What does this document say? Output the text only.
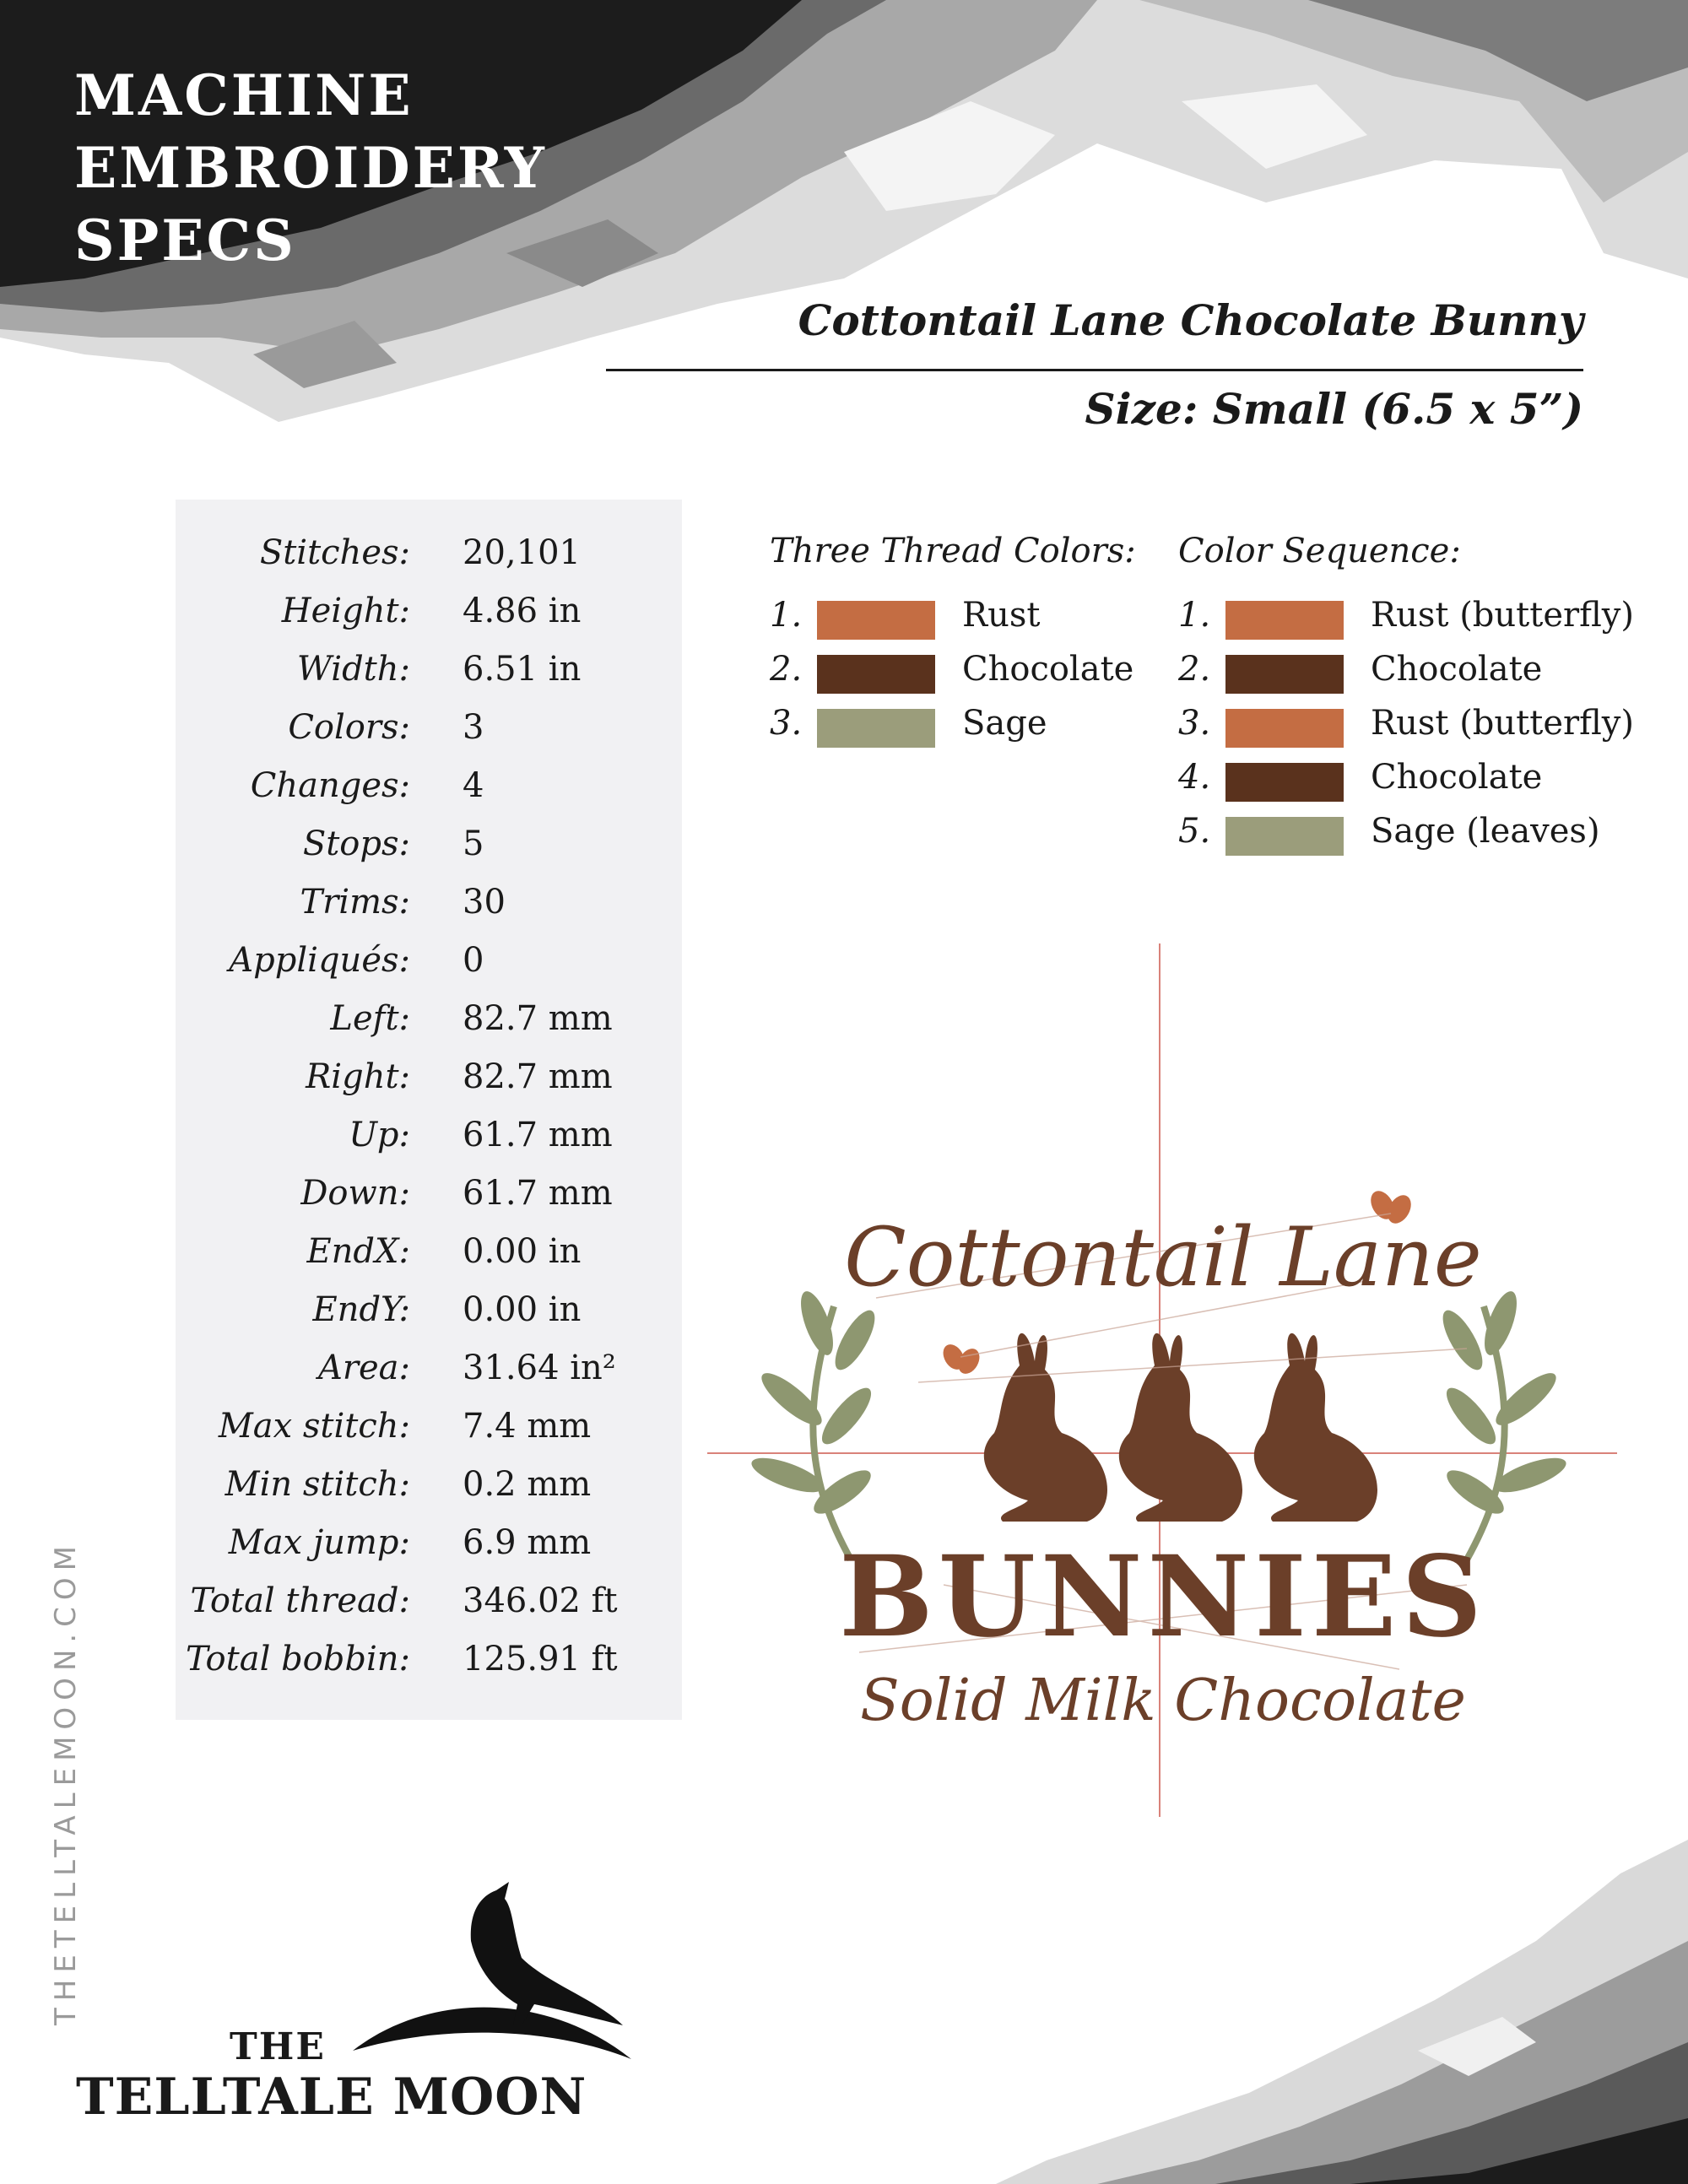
MACHINE
EMBROIDERY
SPECS
Cottontail Lane Chocolate Bunny
Size: Small (6.5 x 5”)
Stitches: 20,101
Height: 4.86 in
Width: 6.51 in
Colors: 3
Changes: 4
Stops: 5
Trims: 30
Appliqués: 0
Left: 82.7 mm
Right: 82.7 mm
Up: 61.7 mm
Down: 61.7 mm
EndX: 0.00 in
EndY: 0.00 in
Area: 31.64 in²
Max stitch: 7.4 mm
Min stitch: 0.2 mm
Max jump: 6.9 mm
Total thread: 346.02 ft
Total bobbin: 125.91 ft
Three Thread Colors:
1.	Rust
2.	Chocolate
3.	Sage
Color Sequence:
1.	Rust (butterfly)
2.	Chocolate
3.	Rust (butterfly)
4.	Chocolate
5.	Sage (leaves)
Cottontail Lane
BUNNIES
Solid Milk Chocolate
THETELLTALEMOON.COM
THE
TELLTALE MOON
